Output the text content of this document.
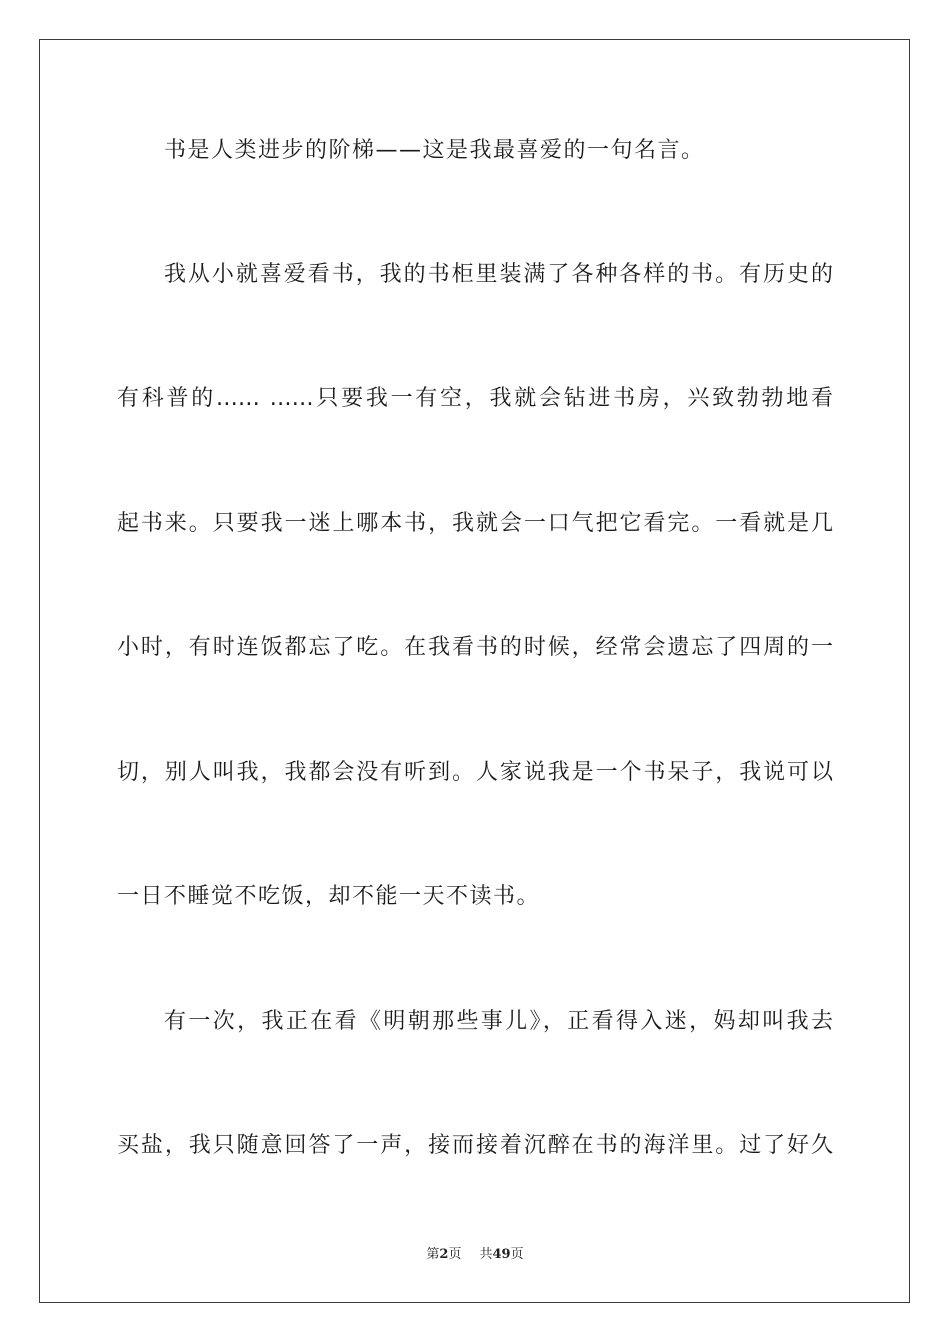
书是人类进步的阶梯——这是我最喜爱的一句名言。
我从小就喜爱看书，我的书柜里装满了各种各样的书。有历史的
有科普的…… ……只要我一有空，我就会钻进书房，兴致勃勃地看
起书来。只要我一迷上哪本书，我就会一口气把它看完。一看就是几
小时，有时连饭都忘了吃。在我看书的时候，经常会遗忘了四周的一
切，别人叫我，我都会没有听到。人家说我是一个书呆子，我说可以
一日不睡觉不吃饭，却不能一天不读书。
有一次，我正在看《明朝那些事儿》，正看得入迷，妈却叫我去
买盐，我只随意回答了一声，接而接着沉醉在书的海洋里。过了好久
第2页 共49页
